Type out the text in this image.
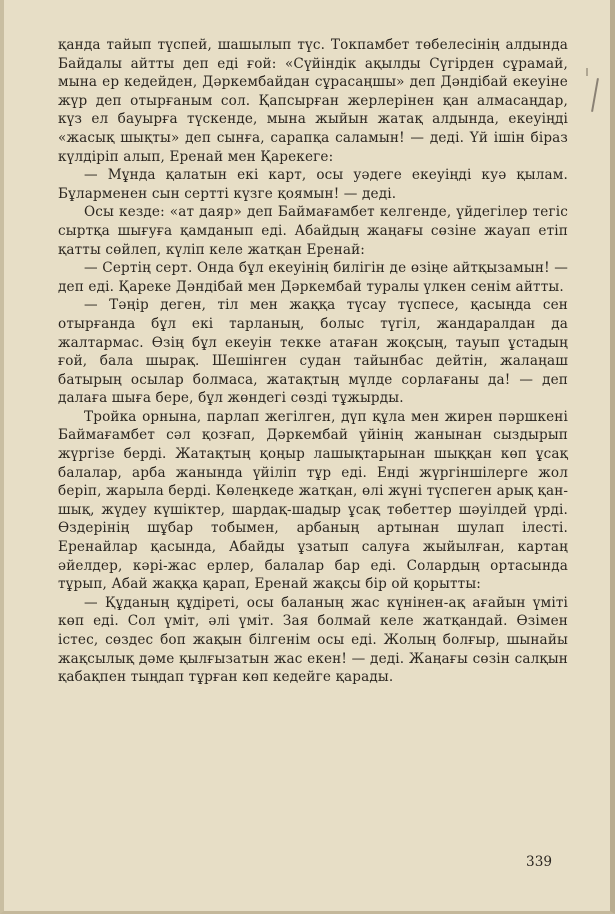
қанда тайып түспей, шашылып түс. Токпамбет төбелесінің алдында Байдалы айтты деп еді ғой: «Сүйіндік ақылды Сүгірден сұрамай, мына ер кедейден, Дәркембайдан сұрасаңшы» деп Дәндібай екеуіне жүр деп отырғаным сол. Қапсырған жерлерінен қан алмасаңдар, күз ел бауырға түскенде, мына жыйын жатақ алдында, екеуіңді «жасық шықты» деп сынға, сарапқа саламын! — деді. Үй ішін біраз күлдіріп алып, Еренай мен Қарекеге:

— Мұнда қалатын екі карт, осы уәдеге екеуіңді куә қылам. Бұларменен сын сертті күзге қоямын! — деді.

Осы кезде: «ат даяр» деп Баймағамбет келгенде, үйдегілер тегіс сыртқа шығуға қамданып еді. Абайдың жаңағы сөзіне жауап етіп қатты сөйлеп, күліп келе жатқан Еренай:

— Сертің серт. Онда бұл екеуінің билігін де өзіңе айтқызамын! — деп еді. Қареке Дәндібай мен Дәркембай туралы үлкен сенім айтты.

— Тәңір деген, тіл мен жаққа түсау түспесе, қасыңда сен отырғанда бұл екі тарланың, болыс түгіл, жандаралдан да жалтармас. Өзің бұл екеуін текке атаған жоқсың, тауып ұстадың ғой, бала шырақ. Шешінген судан тайынбас дейтін, жалаңаш батырың осылар болмаса, жатақтың мүлде сорлағаны да! — деп далаға шыға бере, бұл жөндегі сөзді тұжырды.

Тройка орнына, парлап жегілген, дүп құла мен жирен пәршкені Баймағамбет сәл қозғап, Дәркембай үйінің жанынан сыздырып жүргізе берді. Жатақтың қоңыр лашықтарынан шыққан көп ұсақ балалар, арба жанында үйіліп тұр еді. Енді жүргіншілерге жол беріп, жарыла берді. Көлеңкеде жатқан, өлі жүні түспеген арық қаншық, жүдеу күшіктер, шардақ-шадыр ұсақ төбеттер шәуілдей үрді. Өздерінің шұбар тобымен, арбаның артынан шулап ілесті. Еренайлар қасында, Абайды ұзатып салуға жыйылған, картаң әйелдер, кәрі-жас ерлер, балалар бар еді. Солардың ортасында тұрып, Абай жаққа қарап, Еренай жақсы бір ой қорытты:

— Құданың құдіреті, осы баланың жас күнінен-ақ ағайын үміті көп еді. Сол үміт, әлі үміт. Зая болмай келе жатқандай. Өзімен істес, сөздес боп жақын білгенім осы еді. Жолың болғыр, шынайы жақсылық дәме қылғызатын жас екен! — деді. Жаңағы сөзін салқын қабақпен тыңдап тұрған көп кедейге қарады.

339
